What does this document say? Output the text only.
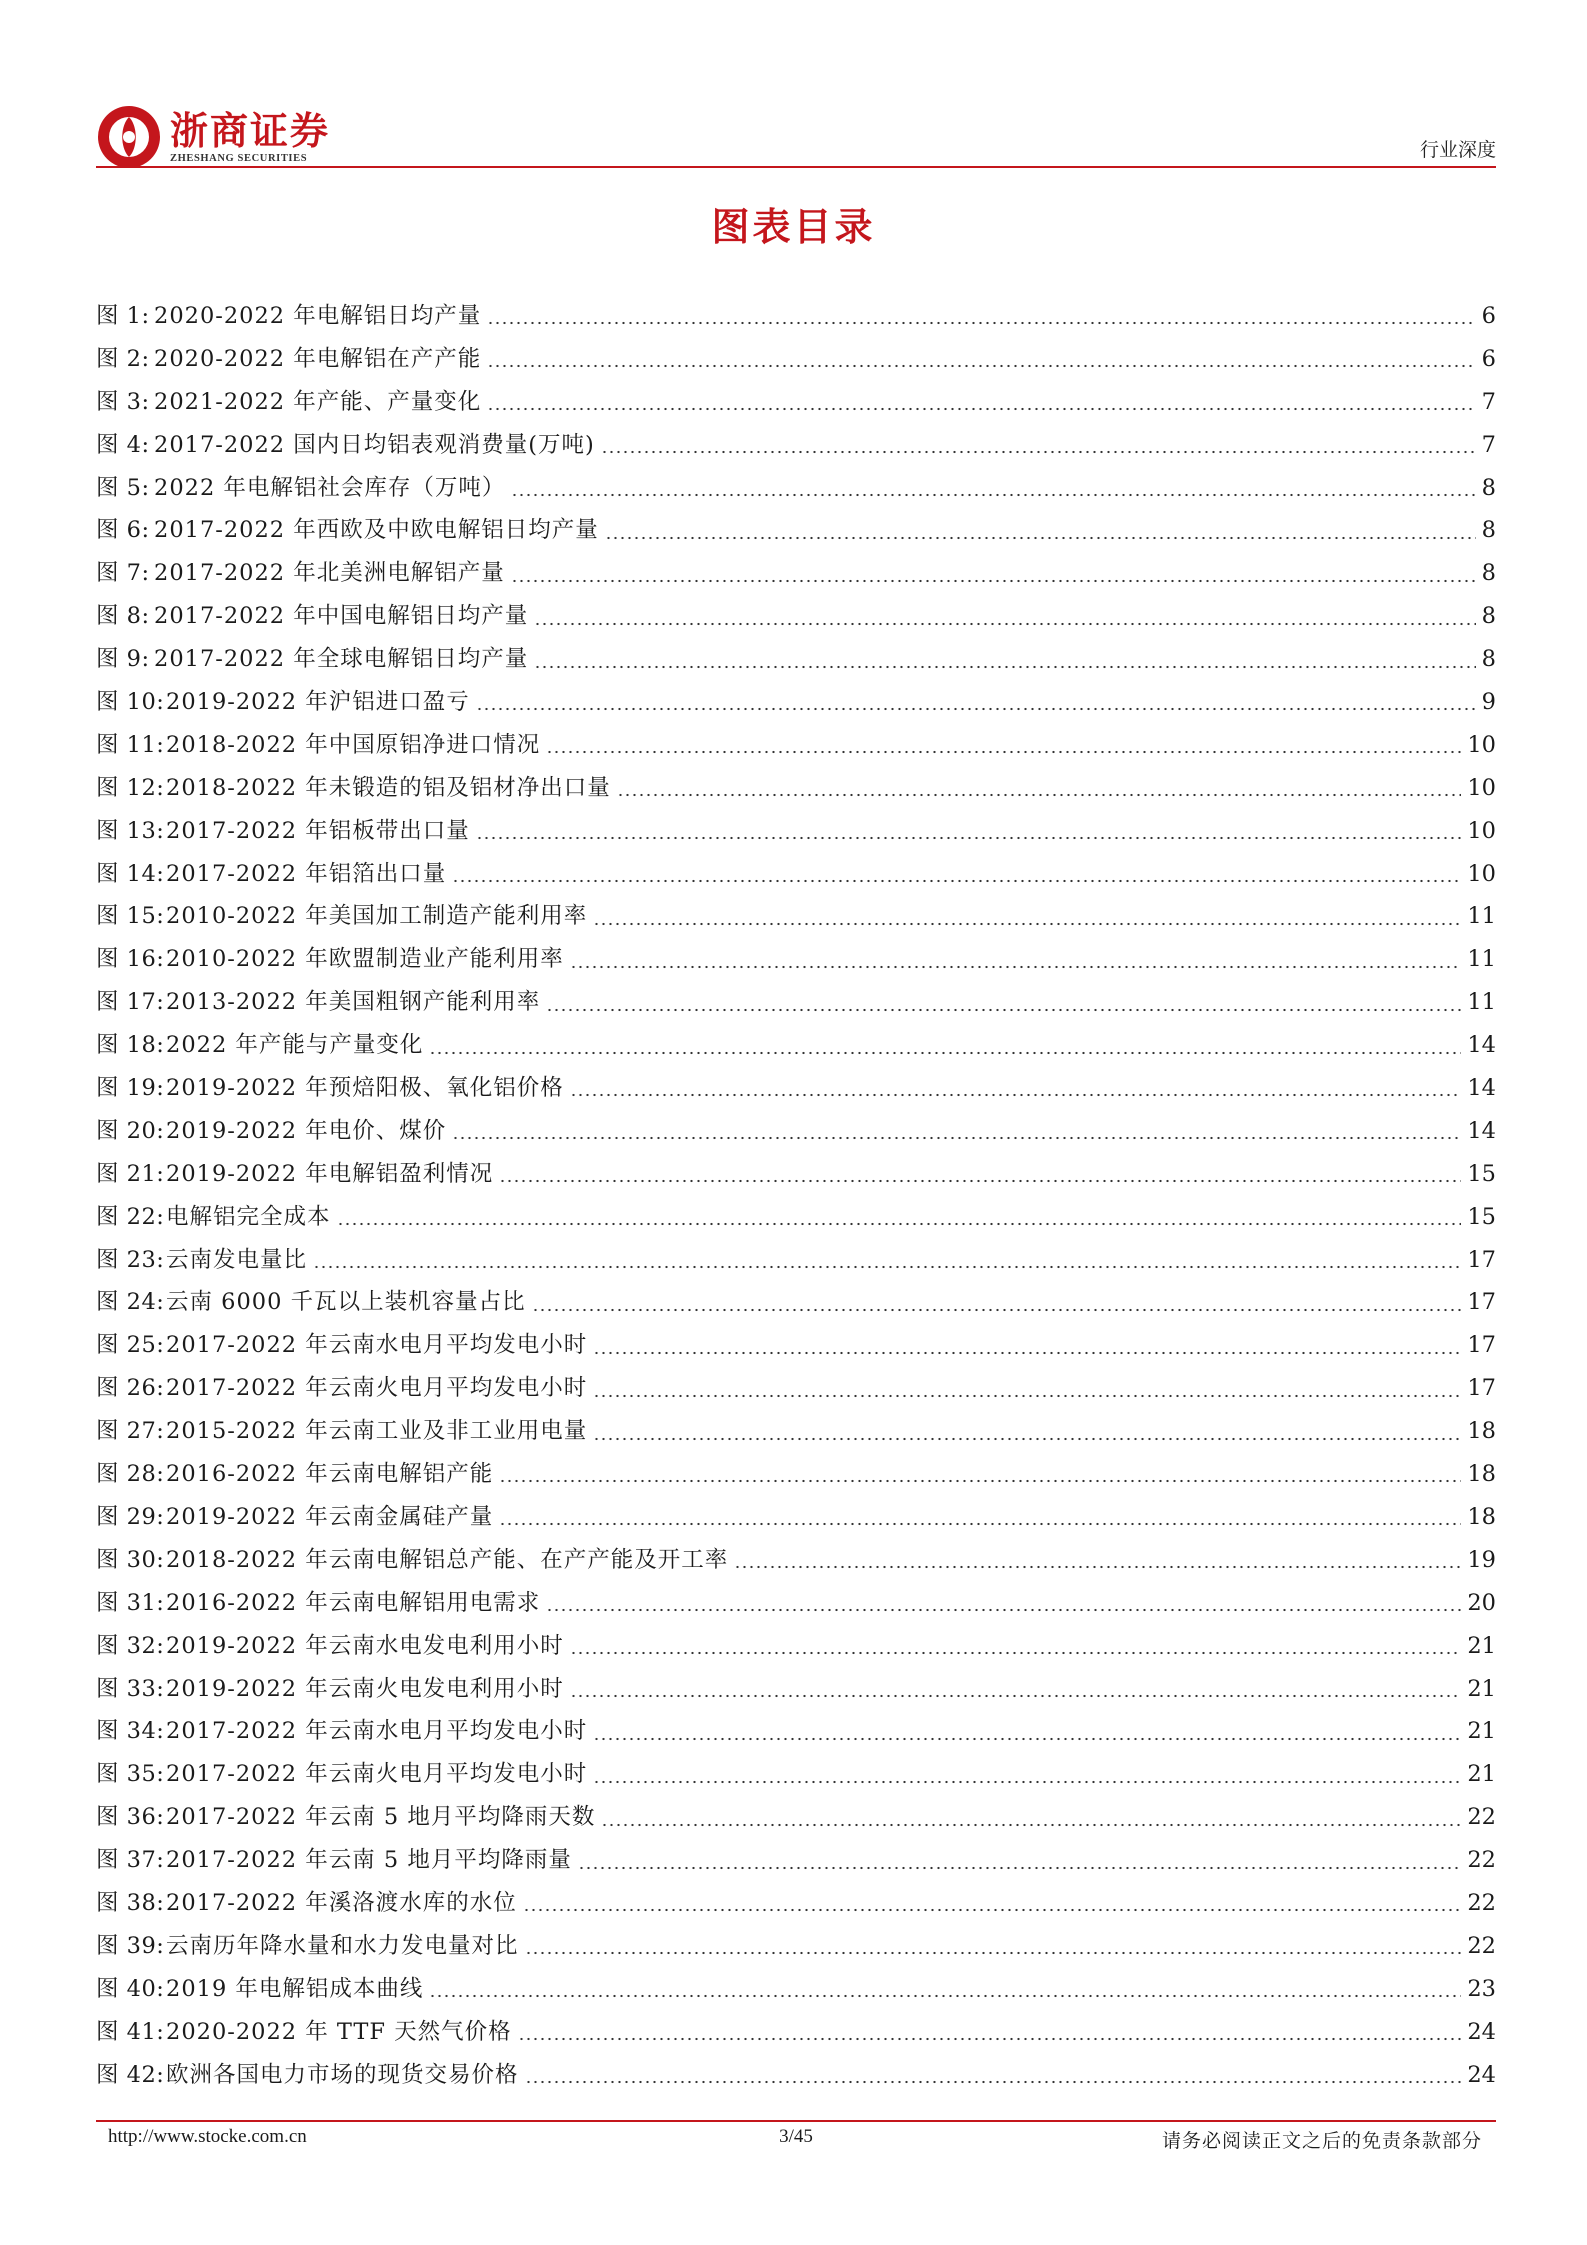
浙商证券
ZHESHANG SECURITIES	行业深度
图表目录
图 1: 2020-2022 年电解铝日均产量	6
图 2: 2020-2022 年电解铝在产产能	6
图 3: 2021-2022 年产能、产量变化	7
图 4: 2017-2022 国内日均铝表观消费量(万吨)	7
图 5: 2022 年电解铝社会库存（万吨）	8
图 6: 2017-2022 年西欧及中欧电解铝日均产量	8
图 7: 2017-2022 年北美洲电解铝产量	8
图 8: 2017-2022 年中国电解铝日均产量	8
图 9: 2017-2022 年全球电解铝日均产量	8
图 10: 2019-2022 年沪铝进口盈亏	9
图 11: 2018-2022 年中国原铝净进口情况	10
图 12: 2018-2022 年未锻造的铝及铝材净出口量	10
图 13: 2017-2022 年铝板带出口量	10
图 14: 2017-2022 年铝箔出口量	10
图 15: 2010-2022 年美国加工制造产能利用率	11
图 16: 2010-2022 年欧盟制造业产能利用率	11
图 17: 2013-2022 年美国粗钢产能利用率	11
图 18: 2022 年产能与产量变化	14
图 19: 2019-2022 年预焙阳极、氧化铝价格	14
图 20: 2019-2022 年电价、煤价	14
图 21: 2019-2022 年电解铝盈利情况	15
图 22: 电解铝完全成本	15
图 23: 云南发电量比	17
图 24: 云南 6000 千瓦以上装机容量占比	17
图 25: 2017-2022 年云南水电月平均发电小时	17
图 26: 2017-2022 年云南火电月平均发电小时	17
图 27: 2015-2022 年云南工业及非工业用电量	18
图 28: 2016-2022 年云南电解铝产能	18
图 29: 2019-2022 年云南金属硅产量	18
图 30: 2018-2022 年云南电解铝总产能、在产产能及开工率	19
图 31: 2016-2022 年云南电解铝用电需求	20
图 32: 2019-2022 年云南水电发电利用小时	21
图 33: 2019-2022 年云南火电发电利用小时	21
图 34: 2017-2022 年云南水电月平均发电小时	21
图 35: 2017-2022 年云南火电月平均发电小时	21
图 36: 2017-2022 年云南 5 地月平均降雨天数	22
图 37: 2017-2022 年云南 5 地月平均降雨量	22
图 38: 2017-2022 年溪洛渡水库的水位	22
图 39: 云南历年降水量和水力发电量对比	22
图 40: 2019 年电解铝成本曲线	23
图 41: 2020-2022 年 TTF 天然气价格	24
图 42: 欧洲各国电力市场的现货交易价格	24
http://www.stocke.com.cn	3/45	请务必阅读正文之后的免责条款部分
